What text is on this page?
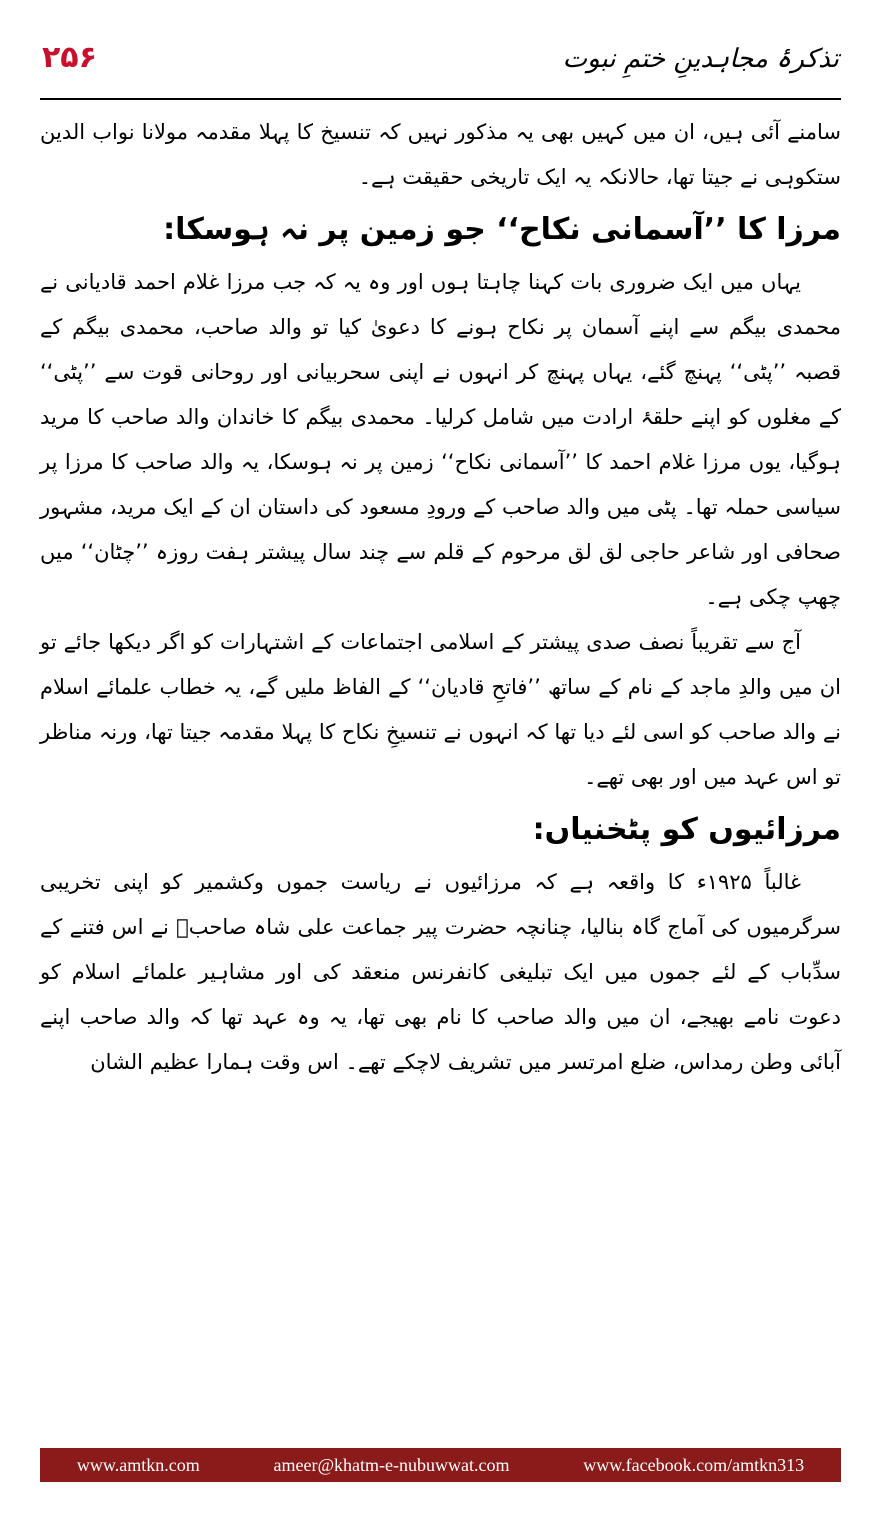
۲۵۶	تذکرۂ مجاہدینِ ختمِ نبوت

سامنے آئی ہیں، ان میں کہیں بھی یہ مذکور نہیں کہ تنسیخ کا پہلا مقدمہ مولانا نواب الدین ستکوہی نے جیتا تھا، حالانکہ یہ ایک تاریخی حقیقت ہے۔

مرزا کا ’’آسمانی نکاح‘‘ جو زمین پر نہ ہوسکا:

یہاں میں ایک ضروری بات کہنا چاہتا ہوں اور وہ یہ کہ جب مرزا غلام احمد قادیانی نے محمدی بیگم سے اپنے آسمان پر نکاح ہونے کا دعویٰ کیا تو والد صاحب، محمدی بیگم کے قصبہ ’’پٹی‘‘ پہنچ گئے، یہاں پہنچ کر انہوں نے اپنی سحربیانی اور روحانی قوت سے ’’پٹی‘‘ کے مغلوں کو اپنے حلقۂ ارادت میں شامل کرلیا۔ محمدی بیگم کا خاندان والد صاحب کا مرید ہوگیا، یوں مرزا غلام احمد کا ’’آسمانی نکاح‘‘ زمین پر نہ ہوسکا، یہ والد صاحب کا مرزا پر سیاسی حملہ تھا۔ پٹی میں والد صاحب کے ورودِ مسعود کی داستان ان کے ایک مرید، مشہور صحافی اور شاعر حاجی لق لق مرحوم کے قلم سے چند سال پیشتر ہفت روزہ ’’چٹان‘‘ میں چھپ چکی ہے۔

آج سے تقریباً نصف صدی پیشتر کے اسلامی اجتماعات کے اشتہارات کو اگر دیکھا جائے تو ان میں والدِ ماجد کے نام کے ساتھ ’’فاتحِ قادیان‘‘ کے الفاظ ملیں گے، یہ خطاب علمائے اسلام نے والد صاحب کو اسی لئے دیا تھا کہ انہوں نے تنسیخِ نکاح کا پہلا مقدمہ جیتا تھا، ورنہ مناظر تو اس عہد میں اور بھی تھے۔

مرزائیوں کو پٹخنیاں:

غالباً ۱۹۲۵ء کا واقعہ ہے کہ مرزائیوں نے ریاست جموں وکشمیر کو اپنی تخریبی سرگرمیوں کی آماج گاہ بنالیا، چنانچہ حضرت پیر جماعت علی شاہ صاحبؒ نے اس فتنے کے سدِّباب کے لئے جموں میں ایک تبلیغی کانفرنس منعقد کی اور مشاہیر علمائے اسلام کو دعوت نامے بھیجے، ان میں والد صاحب کا نام بھی تھا، یہ وہ عہد تھا کہ والد صاحب اپنے آبائی وطن رمداس، ضلع امرتسر میں تشریف لاچکے تھے۔ اس وقت ہمارا عظیم الشان

www.amtkn.com	ameer@khatm-e-nubuwwat.com	www.facebook.com/amtkn313
